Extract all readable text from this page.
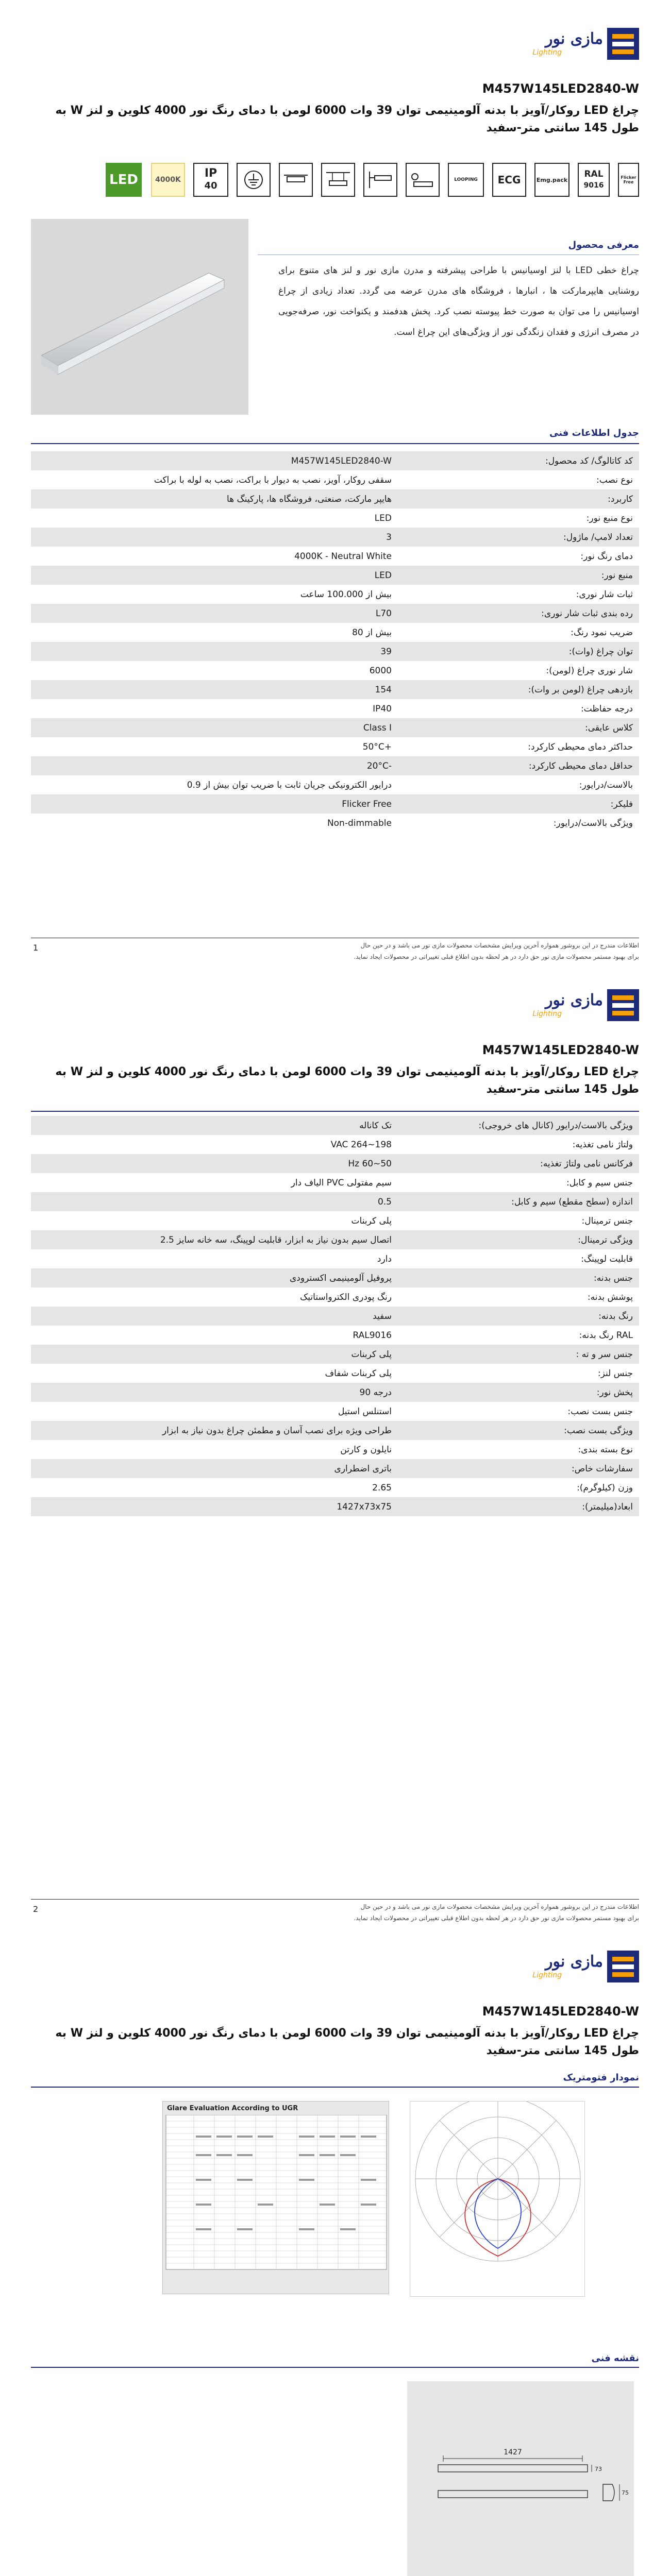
مازی نور
Lighting
M457W145LED2840-W
چراغ LED روکار/آویز با بدنه آلومینیمی توان 39 وات 6000 لومن با دمای رنگ نور 4000 کلوین و لنز W به طول 145 سانتی متر-سفید
LED	4000K	IP
40
LOOPING	ECG	Emg.pack
RAL
9016
Flicker Free
معرفی محصول
چراغ خطی LED با لنز اوسیانیس با طراحی پیشرفته و مدرن مازی نور و لنز های متنوع برای روشنایی هایپرمارکت ها ، انبارها ، فروشگاه های مدرن عرضه می گردد. تعداد زیادی از چراغ اوسیانیس را می توان به صورت خط پیوسته نصب کرد. پخش هدفمند و یکنواخت نور، صرفه‌جویی در مصرف انرژی و فقدان زنگدگی نور از ویژگی‌های این چراغ است.
جدول اطلاعات فنی
کد کاتالوگ/ کد محصول:
M457W145LED2840-W
نوع نصب:
سقفی روکار، آویز، نصب به دیوار با براکت، نصب به لوله با براکت
کاربرد:
هایپر مارکت، صنعتی، فروشگاه ها، پارکینگ ها
نوع منبع نور:
LED
تعداد لامپ/ ماژول:
3
دمای رنگ نور:
4000K - Neutral White
منبع نور:
LED
ثبات شار نوری:
بیش از 100.000 ساعت
رده بندی ثبات شار نوری:
L70
ضریب نمود رنگ:
بیش از 80
توان چراغ (وات):
39
شار نوری چراغ (لومن):
6000
بازدهی چراغ (لومن بر وات):
154
درجه حفاظت:
IP40
کلاس عایقی:
Class I
حداکثر دمای محیطی کارکرد:
+50°C
حداقل دمای محیطی کارکرد:
-20°C
بالاست/درایور:
درایور الکترونیکی جریان ثابت با ضریب توان بیش از 0.9
فلیکر:
Flicker Free
ویژگی بالاست/درایور:
Non-dimmable
1	اطلاعات مندرج در این بروشور همواره آخرین ویرایش مشخصات محصولات مازی نور می باشد و در حین حال
برای بهبود مستمر محصولات مازی نور حق دارد در هر لحظه بدون اطلاع قبلی تغییراتی در محصولات ایجاد نماید.
مازی نور
Lighting
M457W145LED2840-W
چراغ LED روکار/آویز با بدنه آلومینیمی توان 39 وات 6000 لومن با دمای رنگ نور 4000 کلوین و لنز W به طول 145 سانتی متر-سفید
ویژگی بالاست/درایور (کانال های خروجی):
تک کاناله
ولتاژ نامی تغذیه:
198~264 VAC
فرکانس نامی ولتاژ تغذیه:
50~60 Hz
جنس سیم و کابل:
سیم مفتولی PVC الیاف دار
اندازه (سطح مقطع) سیم و کابل:
0.5
جنس ترمینال:
پلی کربنات
ویژگی ترمینال:
اتصال سیم بدون نیاز به ابزار، قابلیت لوپینگ، سه خانه سایز 2.5
قابلیت لوپینگ:
دارد
جنس بدنه:
پروفیل آلومینیمی اکسترودی
پوشش بدنه:
رنگ پودری الکترواستاتیک
رنگ بدنه:
سفید
RAL رنگ بدنه:
RAL9016
جنس سر و ته :
پلی کربنات
جنس لنز:
پلی کربنات شفاف
پخش نور:
درجه 90
جنس بست نصب:
استنلس استیل
ویژگی بست نصب:
طراحی ویژه برای نصب آسان و مطمئن چراغ بدون نیاز به ابزار
نوع بسته بندی:
نایلون و کارتن
سفارشات خاص:
باتری اضطراری
وزن (کیلوگرم):
2.65
ابعاد(میلیمتر):
1427x73x75
2	اطلاعات مندرج در این بروشور همواره آخرین ویرایش مشخصات محصولات مازی نور می باشد و در حین حال
برای بهبود مستمر محصولات مازی نور حق دارد در هر لحظه بدون اطلاع قبلی تغییراتی در محصولات ایجاد نماید.
مازی نور
Lighting
M457W145LED2840-W
چراغ LED روکار/آویز با بدنه آلومینیمی توان 39 وات 6000 لومن با دمای رنگ نور 4000 کلوین و لنز W به طول 145 سانتی متر-سفید
نمودار فتومتریک
Glare Evaluation According to UGR
نقشه فنی
1427
73
75
